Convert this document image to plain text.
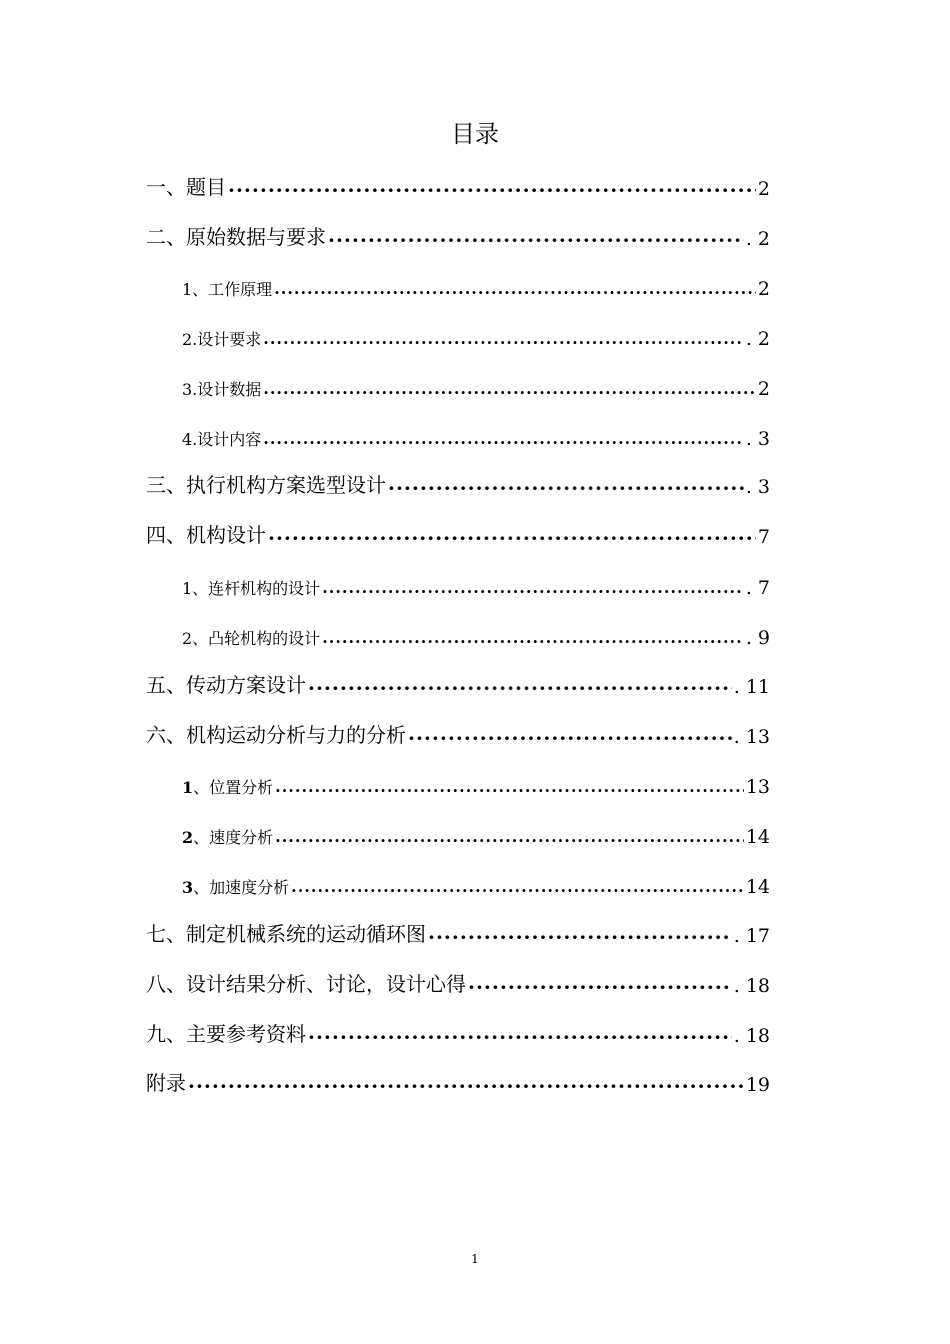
目录
一、题目 ·····	2
二、原始数据与要求 ·····	. 2
1、工作原理 ·····	2
2.设计要求 ·····	. 2
3.设计数据 ·····	2
4.设计内容 ·····	. 3
三、执行机构方案选型设计 ·····	. 3
四、机构设计 ·····	7
1、连杆机构的设计 ·····	. 7
2、凸轮机构的设计 ·····	. 9
五、传动方案设计 ·····	. 11
六、机构运动分析与力的分析 ·····	. 13
1、位置分析 ·····	13
2、速度分析 ·····	14
3、加速度分析 ·····	14
七、制定机械系统的运动循环图 ·····	. 17
八、设计结果分析、讨论，设计心得 ·····	. 18
九、主要参考资料 ·····	. 18
附录 ·····	19
1
